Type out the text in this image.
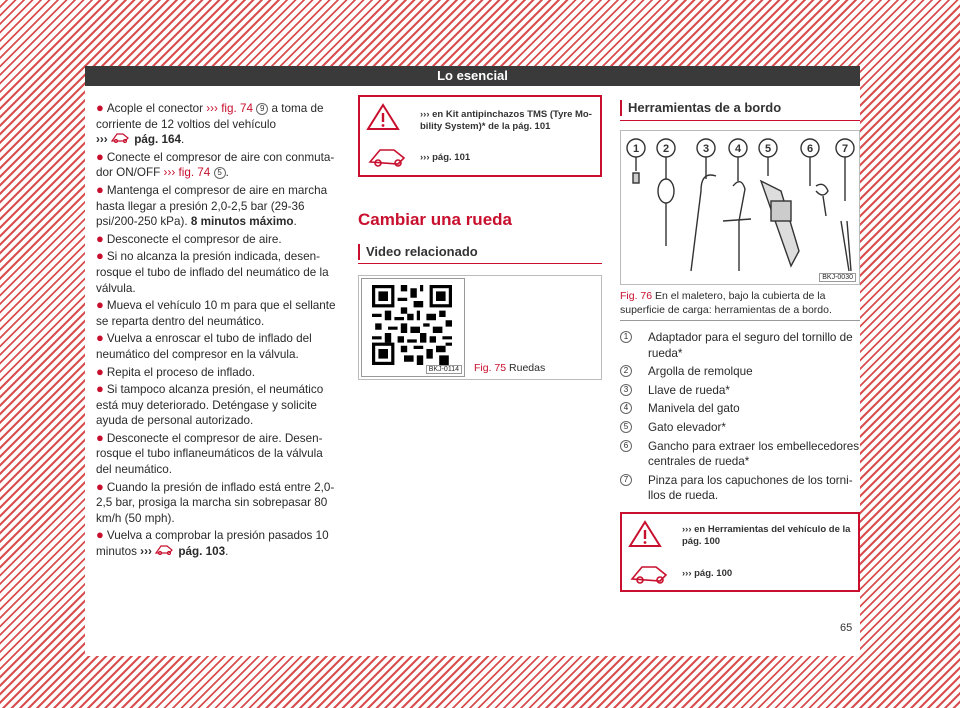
Lo esencial
● Acople el conector ››› fig. 74 9 a toma de corriente de 12 voltios del vehículo
››› pág. 164.
● Conecte el compresor de aire con conmutador ON/OFF ››› fig. 74 5 .
● Mantenga el compresor de aire en marcha hasta llegar a presión 2,0-2,5 bar (29-36 psi/200-250 kPa). 8 minutos máximo.
● Desconecte el compresor de aire.
● Si no alcanza la presión indicada, desenrosque el tubo de inflado del neumático de la válvula.
● Mueva el vehículo 10 m para que el sellante se reparta dentro del neumático.
● Vuelva a enroscar el tubo de inflado del neumático del compresor en la válvula.
● Repita el proceso de inflado.
● Si tampoco alcanza presión, el neumático está muy deteriorado. Deténgase y solicite ayuda de personal autorizado.
● Desconecte el compresor de aire. Desenrosque el tubo inflaneumáticos de la válvula del neumático.
● Cuando la presión de inflado está entre 2,0-2,5 bar, prosiga la marcha sin sobrepasar 80 km/h (50 mph).
● Vuelva a comprobar la presión pasados 10 minutos ››› pág. 103.

››› en Kit antipinchazos TMS (Tyre Mobility System)* de la pág. 101
››› pág. 101
Cambiar una rueda
Video relacionado
BKJ-0114 Fig. 75 Ruedas
Herramientas de a bordo
1 2	3 4 5	6	7
BKJ-0030
Fig. 76 En el maletero, bajo la cubierta de la superficie de carga: herramientas de a bordo.
1	Adaptador para el seguro del tornillo de rueda*
2	Argolla de remolque
3	Llave de rueda*
4	Manivela del gato
5	Gato elevador*
6	Gancho para extraer los embellecedores centrales de rueda*
7	Pinza para los capuchones de los tornillos de rueda.

››› en Herramientas del vehículo de la pág. 100
››› pág. 100
65
